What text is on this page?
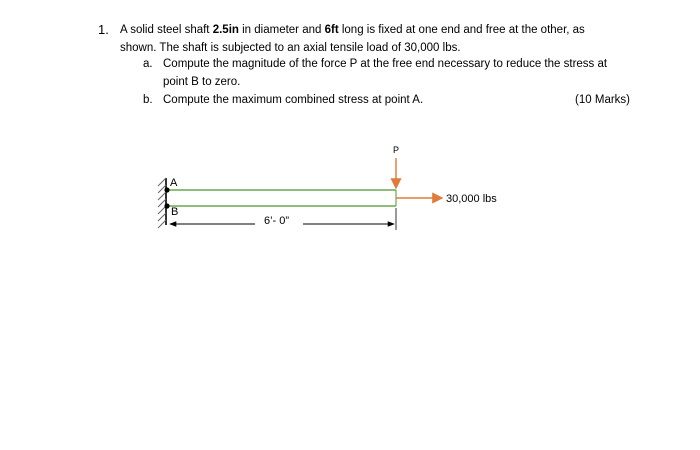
1. A solid steel shaft 2.5in in diameter and 6ft long is fixed at one end and free at the other, as
shown. The shaft is subjected to an axial tensile load of 30,000 lbs.
a. Compute the magnitude of the force P at the free end necessary to reduce the stress at
point B to zero.
b. Compute the maximum combined stress at point A.	(10 Marks)
A
B
P
30,000 lbs
6’- 0”
